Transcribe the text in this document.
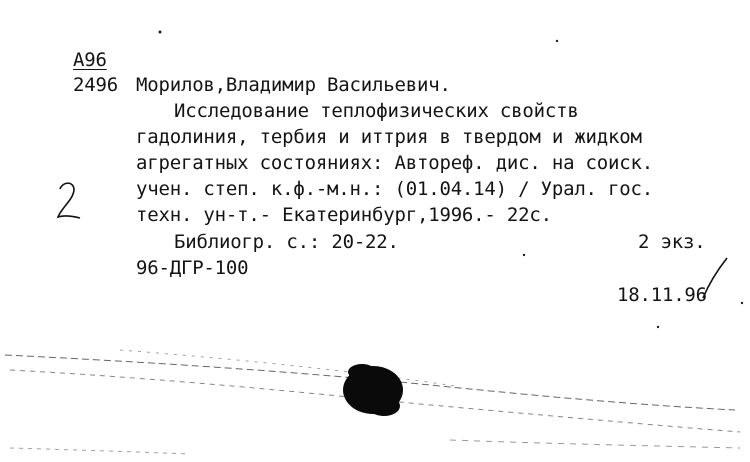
А96
2496 Морилов,Владимир Васильевич.
Исследование теплофизических свойств
гадолиния, тербия и иттрия в твердом и жидком
агрегатных состояниях: Автореф. дис. на соиск.
учен. степ. к.ф.-м.н.: (01.04.14) / Урал. гос.
техн. ун-т.- Екатеринбург,1996.- 22с.
Библиогр. с.: 20-22.	2 экз.
96-ДГР-100
18.11.96
